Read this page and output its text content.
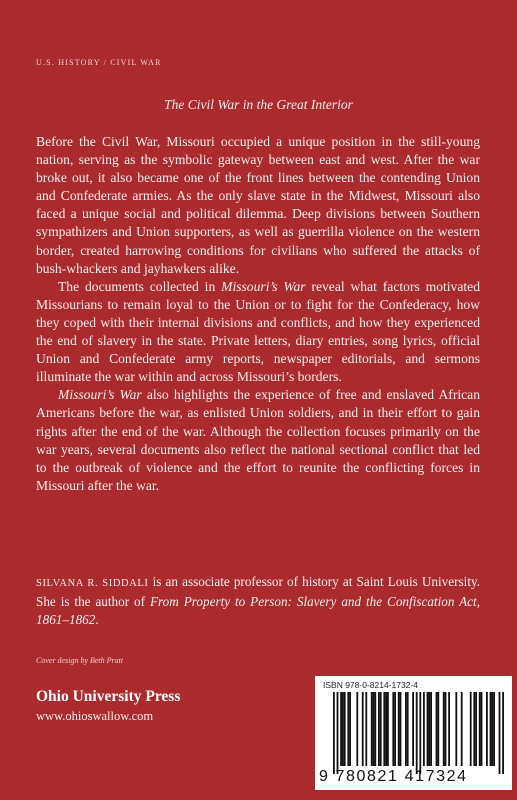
U.S. HISTORY / CIVIL WAR
The Civil War in the Great Interior

Before the Civil War, Missouri occupied a unique position in the still-young nation, serving as the symbolic gateway between east and west. After the war broke out, it also became one of the front lines between the contending Union and Confederate armies. As the only slave state in the Midwest, Missouri also faced a unique social and political dilemma. Deep divisions between Southern sympathizers and Union supporters, as well as guerrilla violence on the western border, created harrowing conditions for civilians who suffered the attacks of bush-whackers and jayhawkers alike.

The documents collected in Missouri’s War reveal what factors motivated Missourians to remain loyal to the Union or to fight for the Confederacy, how they coped with their internal divisions and conflicts, and how they experienced the end of slavery in the state. Private letters, diary entries, song lyrics, official Union and Confederate army reports, newspaper editorials, and sermons illuminate the war within and across Missouri’s borders.

Missouri’s War also highlights the experience of free and enslaved African Americans before the war, as enlisted Union soldiers, and in their effort to gain rights after the end of the war. Although the collection focuses primarily on the war years, several documents also reflect the national sectional conflict that led to the outbreak of violence and the effort to reunite the conflicting forces in Missouri after the war.

SILVANA R. SIDDALI is an associate professor of history at Saint Louis University. She is the author of From Property to Person: Slavery and the Confiscation Act, 1861–1862.
Cover design by Beth Pratt
Ohio University Press
www.ohioswallow.com
ISBN 978-0-8214-1732-4
9 780821 417324
